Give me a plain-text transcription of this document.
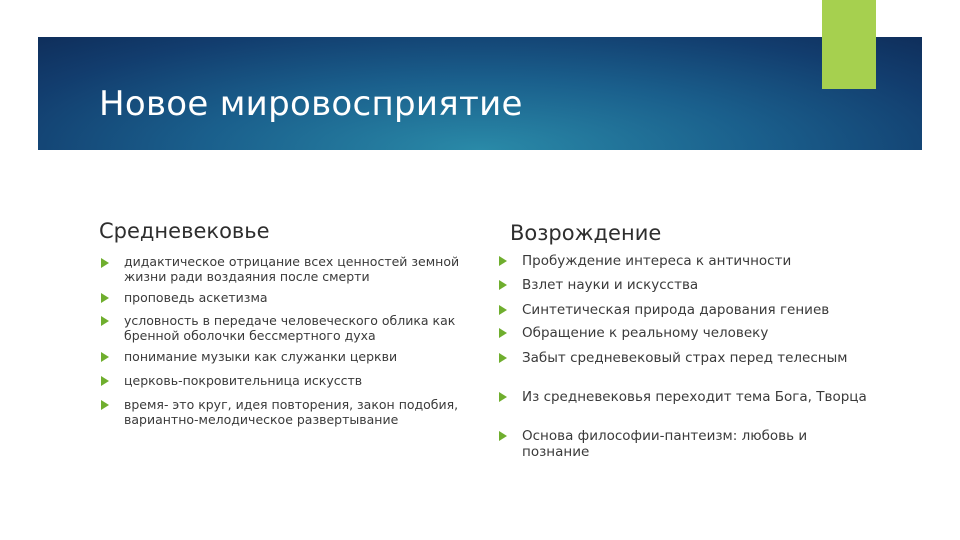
Новое мировосприятие
Средневековье	Возрождение
дидактическое отрицание всех ценностей земной жизни ради воздаяния после смерти
проповедь аскетизма
условность в передаче человеческого облика как бренной оболочки бессмертного духа
понимание музыки как служанки церкви
церковь-покровительница искусств
время- это круг, идея повторения, закон подобия, вариантно-мелодическое развертывание
Пробуждение интереса к античности
Взлет науки и искусства
Синтетическая природа дарования гениев
Обращение к реальному человеку
Забыт средневековый страх перед телесным
Из средневековья переходит тема Бога, Творца
Основа философии-пантеизм: любовь и познание
